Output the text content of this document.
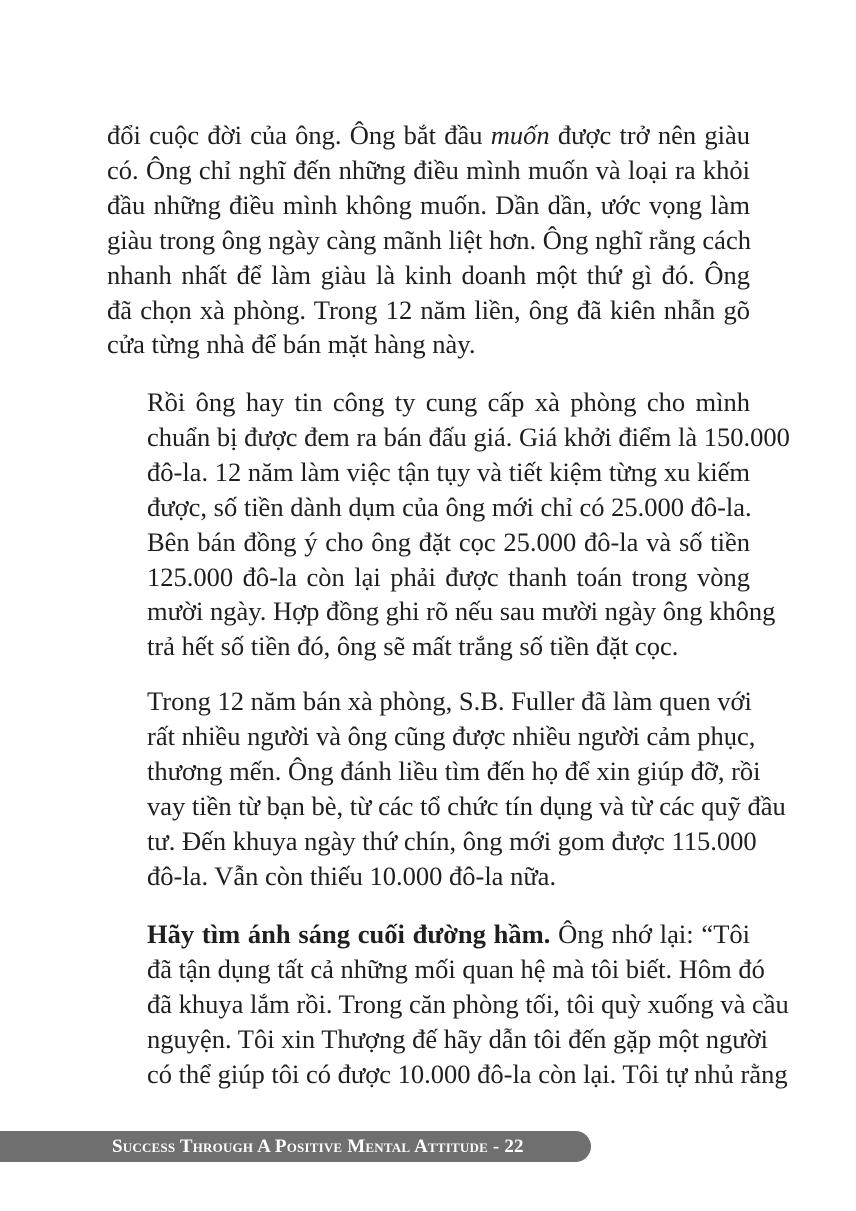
đổi cuộc đời của ông. Ông bắt đầu muốn được trở nên giàu
có. Ông chỉ nghĩ đến những điều mình muốn và loại ra khỏi
đầu những điều mình không muốn. Dần dần, ước vọng làm
giàu trong ông ngày càng mãnh liệt hơn. Ông nghĩ rằng cách
nhanh nhất để làm giàu là kinh doanh một thứ gì đó. Ông
đã chọn xà phòng. Trong 12 năm liền, ông đã kiên nhẫn gõ
cửa từng nhà để bán mặt hàng này.
Rồi ông hay tin công ty cung cấp xà phòng cho mình
chuẩn bị được đem ra bán đấu giá. Giá khởi điểm là 150.000
đô-la. 12 năm làm việc tận tụy và tiết kiệm từng xu kiếm
được, số tiền dành dụm của ông mới chỉ có 25.000 đô-la.
Bên bán đồng ý cho ông đặt cọc 25.000 đô-la và số tiền
125.000 đô-la còn lại phải được thanh toán trong vòng
mười ngày. Hợp đồng ghi rõ nếu sau mười ngày ông không
trả hết số tiền đó, ông sẽ mất trắng số tiền đặt cọc.
Trong 12 năm bán xà phòng, S.B. Fuller đã làm quen với
rất nhiều người và ông cũng được nhiều người cảm phục,
thương mến. Ông đánh liều tìm đến họ để xin giúp đỡ, rồi
vay tiền từ bạn bè, từ các tổ chức tín dụng và từ các quỹ đầu
tư. Đến khuya ngày thứ chín, ông mới gom được 115.000
đô-la. Vẫn còn thiếu 10.000 đô-la nữa.
Hãy tìm ánh sáng cuối đường hầm. Ông nhớ lại: “Tôi
đã tận dụng tất cả những mối quan hệ mà tôi biết. Hôm đó
đã khuya lắm rồi. Trong căn phòng tối, tôi quỳ xuống và cầu
nguyện. Tôi xin Thượng đế hãy dẫn tôi đến gặp một người
có thể giúp tôi có được 10.000 đô-la còn lại. Tôi tự nhủ rằng
Success Through A Positive Mental Attitude - 22
